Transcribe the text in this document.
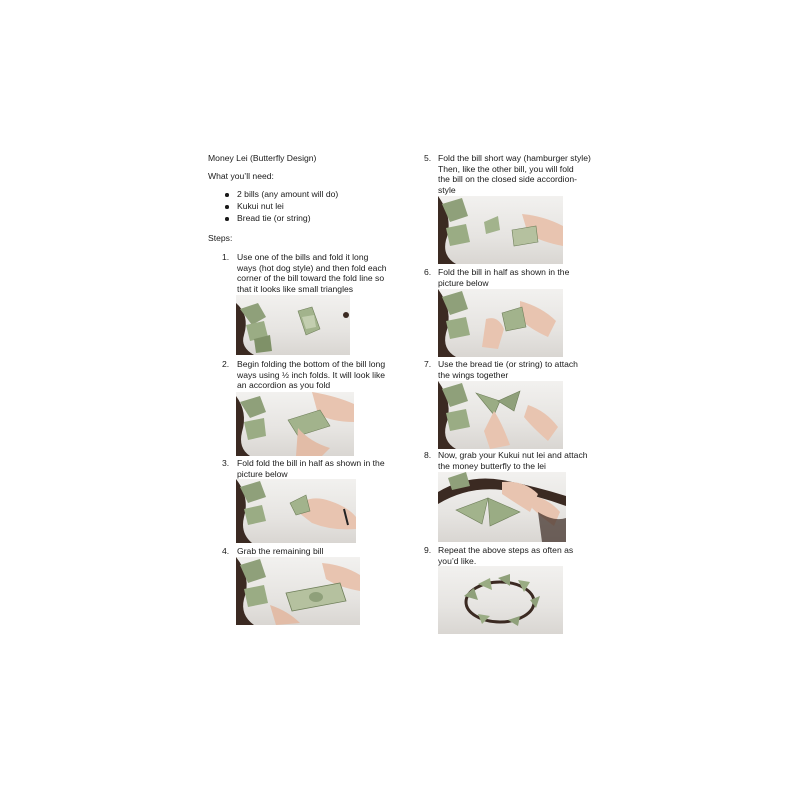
Money Lei (Butterfly Design)
What you’ll need:
2 bills (any amount will do)
Kukui nut lei
Bread tie (or string)
Steps:
1. Use one of the bills and fold it long
ways (hot dog style) and then fold each
corner of the bill toward the fold line so
that it looks like small triangles
2. Begin folding the bottom of the bill long
ways using ½ inch folds. It will look like
an accordion as you fold
3. Fold fold the bill in half as shown in the
picture below
4. Grab the remaining bill
5. Fold the bill short way (hamburger style)
Then, like the other bill, you will fold
the bill on the closed side accordion-
style
6. Fold the bill in half as shown in the
picture below
7. Use the bread tie (or string) to attach
the wings together
8. Now, grab your Kukui nut lei and attach
the money butterfly to the lei
9. Repeat the above steps as often as
you’d like.
